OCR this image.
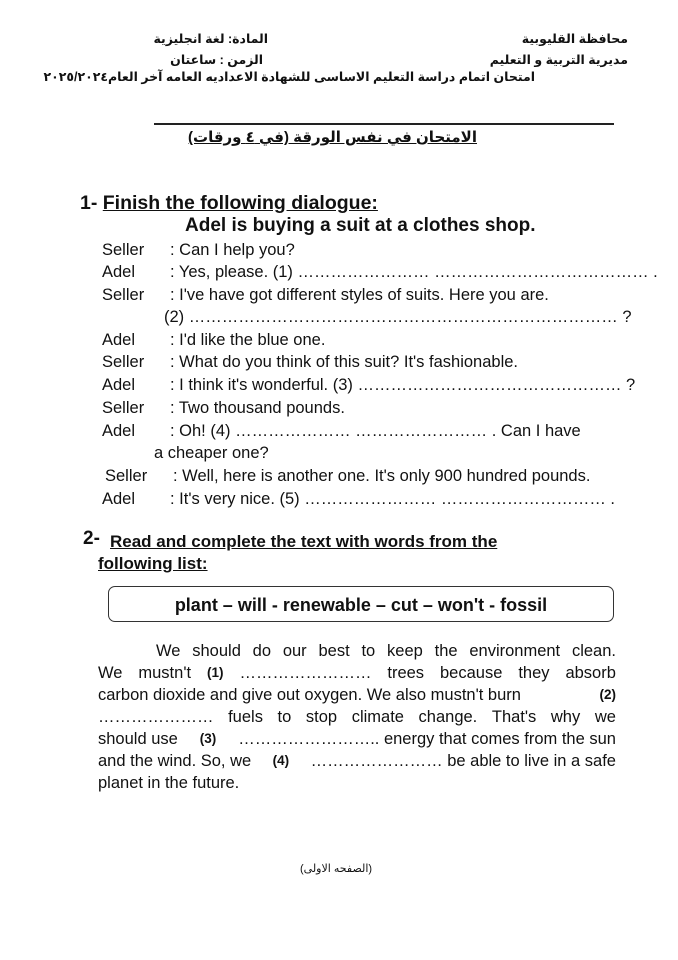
محافظة القليوبية
مديرية التربية و التعليم
المادة: لغة انجليزية
الزمن : ساعتان
امتحان اتمام دراسة التعليم الاساسى للشهادة الاعداديه العامه آخر العام٢٠٢٥/٢٠٢٤
الامتحان في نفس الورقة (في ٤ ورقات)
1- Finish the following dialogue:
Adel is buying a suit at a clothes shop.
Seller : Can I help you?
Adel : Yes, please. (1) …………………… ………………………………… .
Seller : I've have got different styles of suits. Here you are.
(2) …………………………………………………………………… ?
Adel : I'd like the blue one.
Seller : What do you think of this suit? It's fashionable.
Adel : I think it's wonderful. (3) ………………………………………… ?
Seller : Two thousand pounds.
Adel : Oh! (4) ………………… …………………… . Can I have
a cheaper one?
Seller : Well, here is another one. It's only 900 hundred pounds.
Adel : It's very nice. (5) …………………… ………………………… .
2- Read and complete the text with words from the
following list:
plant – will - renewable – cut – won't - fossil
We should do our best to keep the environment clean.
We mustn't (1) …………………… trees because they absorb
carbon dioxide and give out oxygen. We also mustn't burn	(2)
………………… fuels to stop climate change. That's why we
should use (3) …………………….. energy that comes from the sun
and the wind. So, we (4) …………………… be able to live in a safe
planet in the future.
(الصفحه الاولى)
